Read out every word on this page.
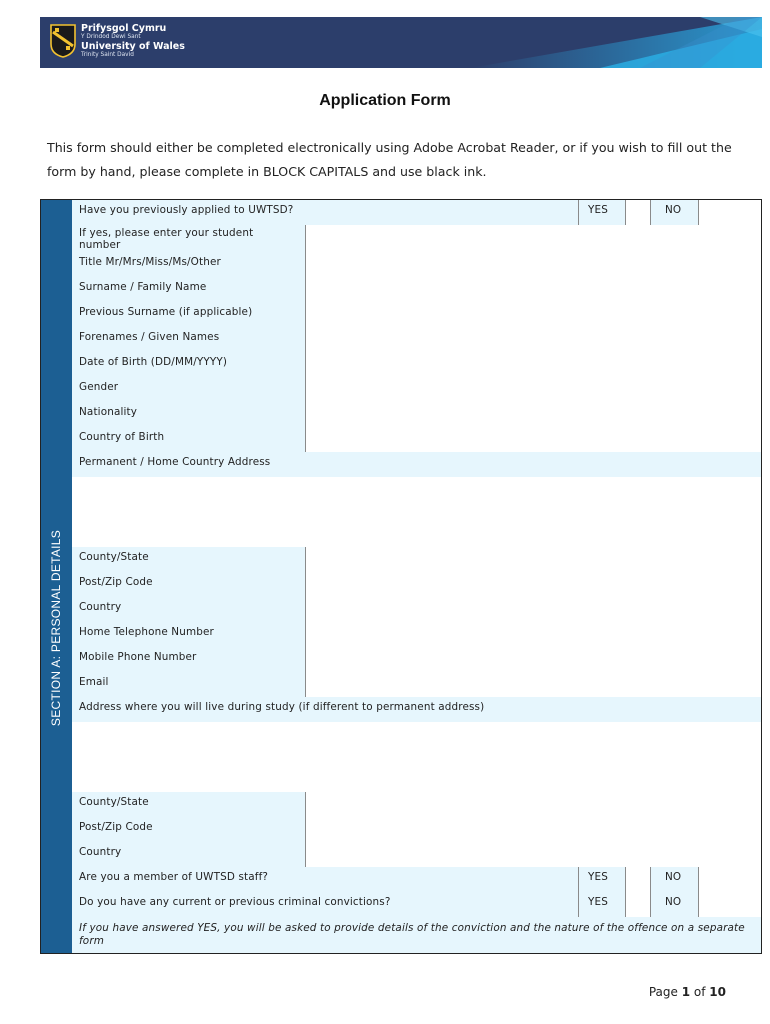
Prifysgol Cymru
Y Drindod Dewi Sant
University of Wales
Trinity Saint David
Application Form
This form should either be completed electronically using Adobe Acrobat Reader, or if you wish to fill out the form by hand, please complete in BLOCK CAPITALS and use black ink.
SECTION A: PERSONAL DETAILS
Have you previously applied to UWTSD?	YES	NO
If yes, please enter your student number
Title Mr/Mrs/Miss/Ms/Other
Surname / Family Name
Previous Surname (if applicable)
Forenames / Given Names
Date of Birth (DD/MM/YYYY)
Gender
Nationality
Country of Birth
Permanent / Home Country Address
County/State
Post/Zip Code
Country
Home Telephone Number
Mobile Phone Number
Email
Address where you will live during study (if different to permanent address)
County/State
Post/Zip Code
Country
Are you a member of UWTSD staff?	YES	NO
Do you have any current or previous criminal convictions?	YES	NO
If you have answered YES, you will be asked to provide details of the conviction and the nature of the offence on a separate form
Page 1 of 10
